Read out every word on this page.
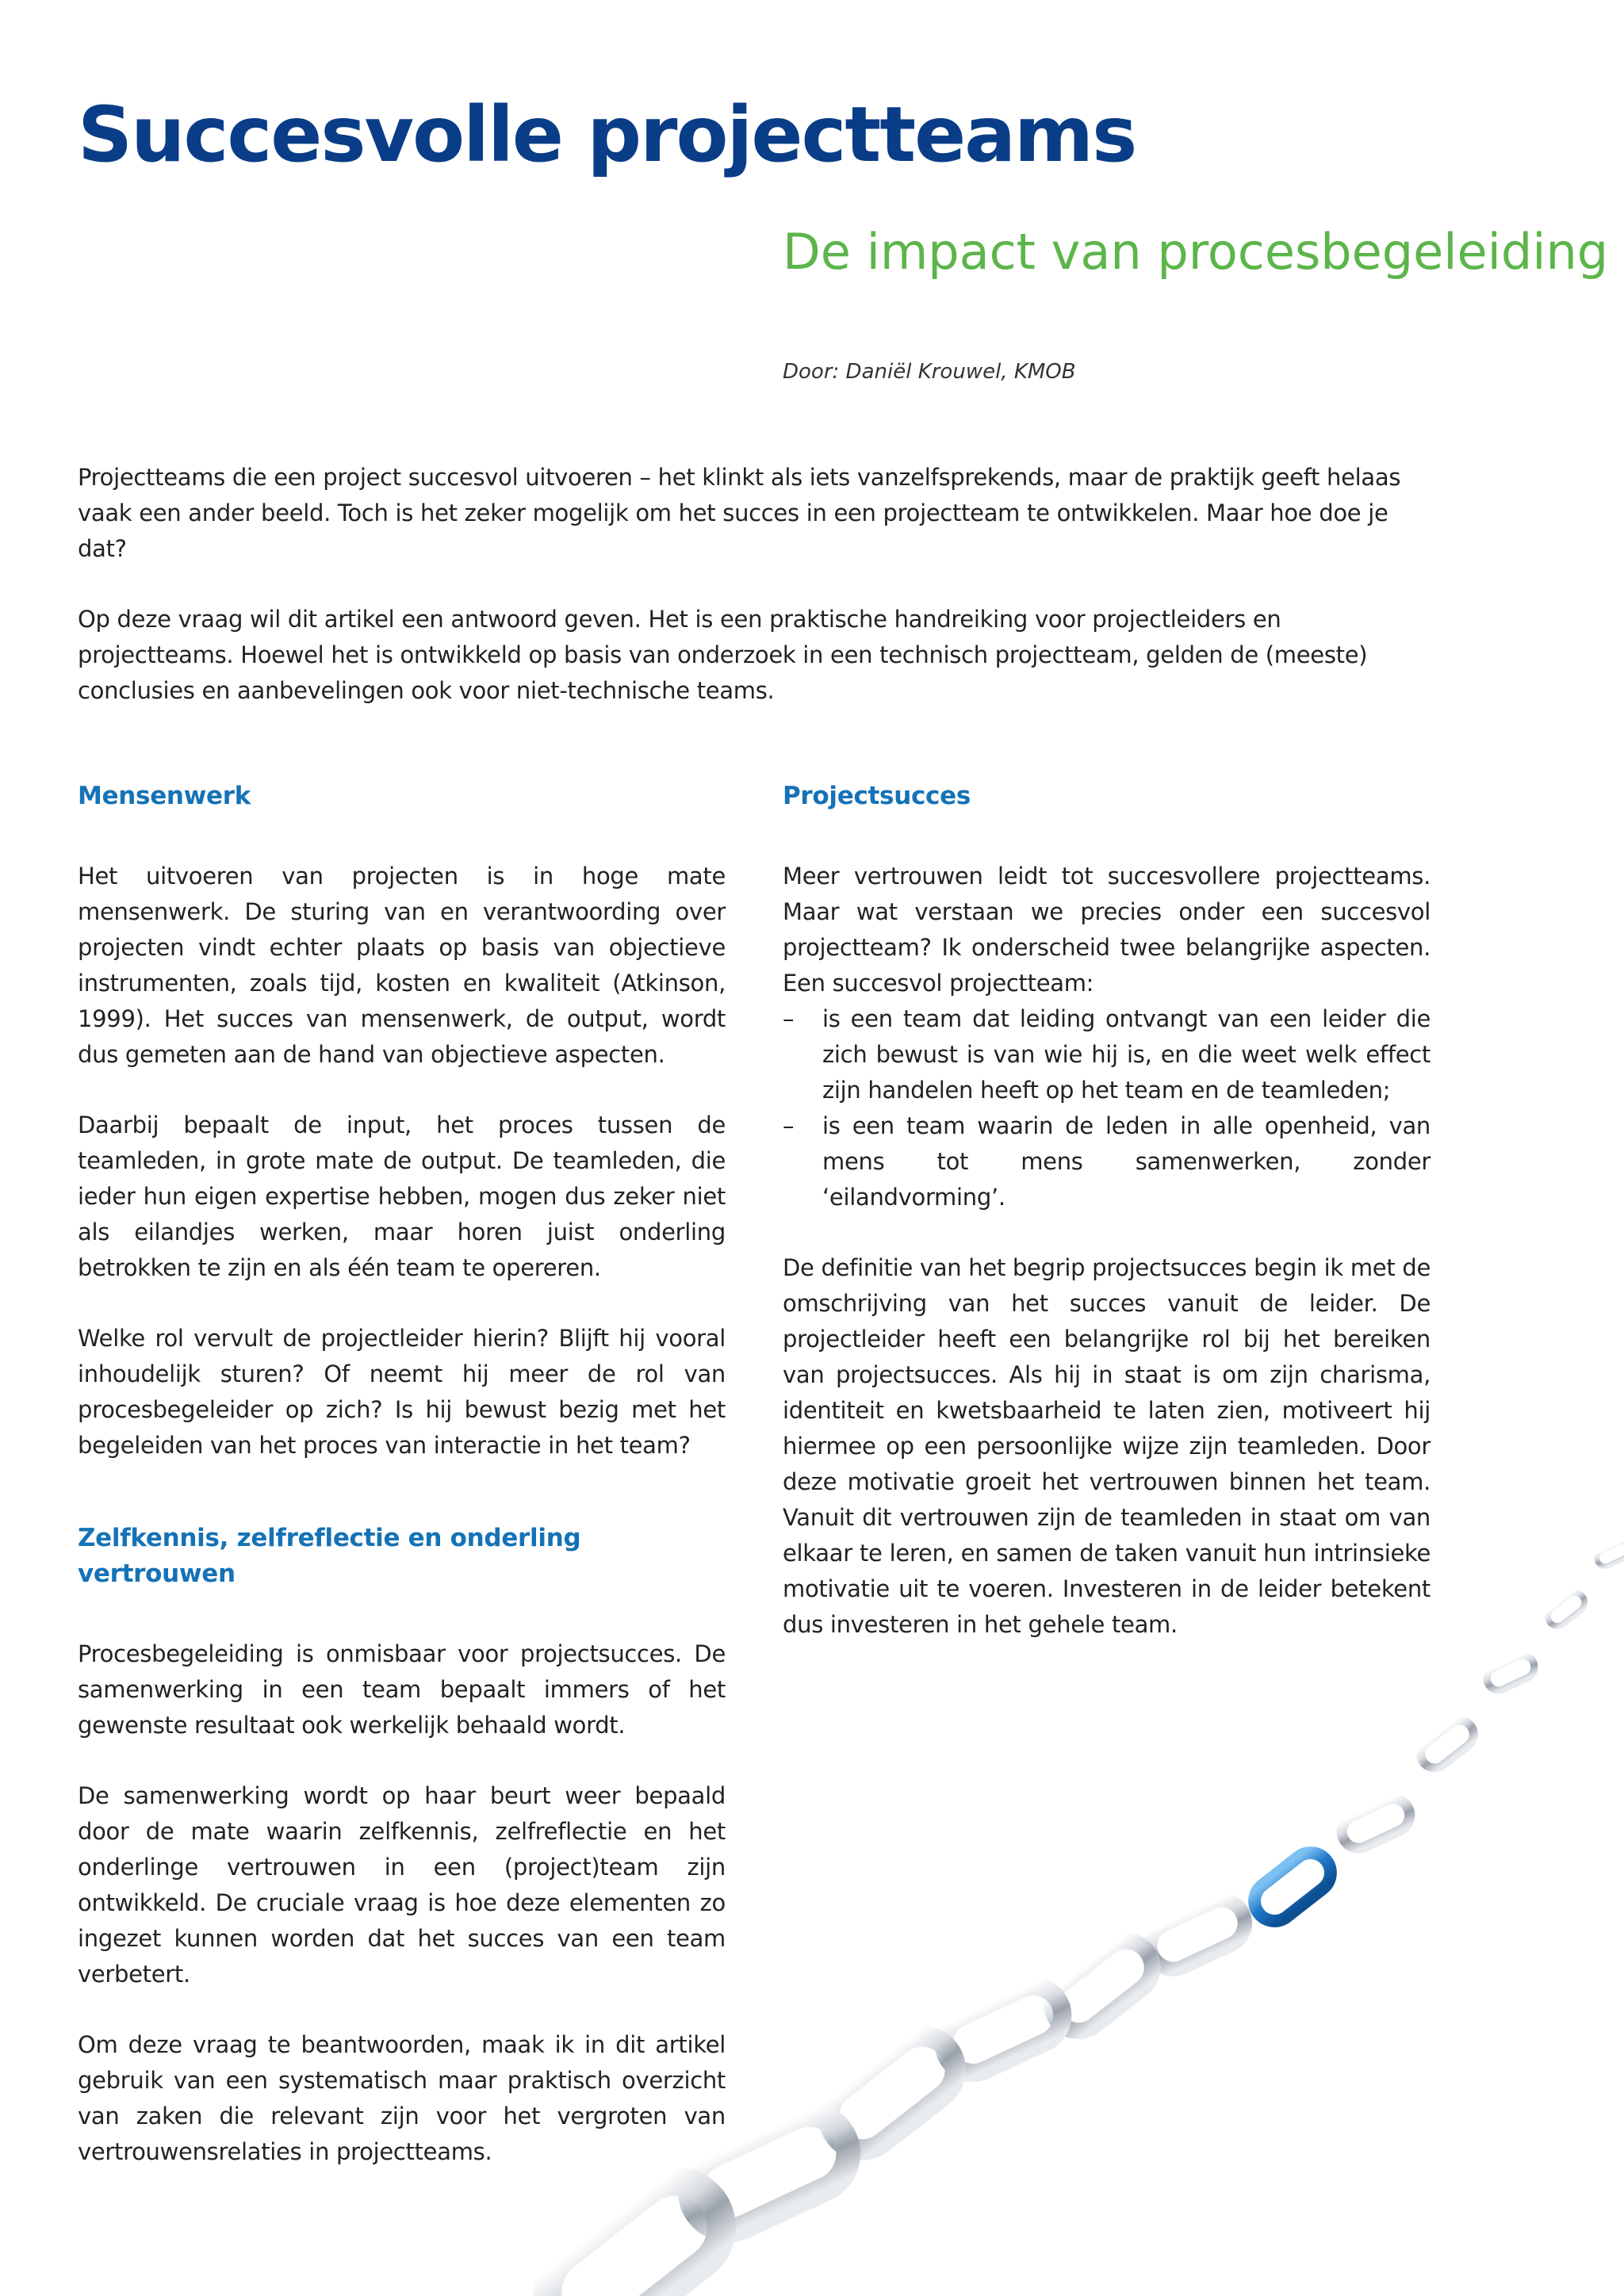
Succesvolle projectteams
De impact van procesbegeleiding
Door: Daniël Krouwel, KMOB

Projectteams die een project succesvol uitvoeren – het klinkt als iets vanzelfsprekends, maar de praktijk geeft helaas vaak een ander beeld. Toch is het zeker mogelijk om het succes in een projectteam te ontwikkelen. Maar hoe doe je dat?

Op deze vraag wil dit artikel een antwoord geven. Het is een praktische handreiking voor projectleiders en projectteams. Hoewel het is ontwikkeld op basis van onderzoek in een technisch projectteam, gelden de (meeste) conclusies en aanbevelingen ook voor niet-technische teams.

Mensenwerk

Het uitvoeren van projecten is in hoge mate mensenwerk. De sturing van en verantwoording over projecten vindt echter plaats op basis van objectieve instrumenten, zoals tijd, kosten en kwaliteit (Atkinson, 1999). Het succes van mensenwerk, de output, wordt dus gemeten aan de hand van objectieve aspecten.

Daarbij bepaalt de input, het proces tussen de teamleden, in grote mate de output. De teamleden, die ieder hun eigen expertise hebben, mogen dus zeker niet als eilandjes werken, maar horen juist onderling betrokken te zijn en als één team te opereren.

Welke rol vervult de projectleider hierin? Blijft hij vooral inhoudelijk sturen? Of neemt hij meer de rol van procesbegeleider op zich? Is hij bewust bezig met het begeleiden van het proces van interactie in het team?

Zelfkennis, zelfreflectie en onderling vertrouwen

Procesbegeleiding is onmisbaar voor projectsucces. De samenwerking in een team bepaalt immers of het gewenste resultaat ook werkelijk behaald wordt.

De samenwerking wordt op haar beurt weer bepaald door de mate waarin zelfkennis, zelfreflectie en het onderlinge vertrouwen in een (project)team zijn ontwikkeld. De cruciale vraag is hoe deze elementen zo ingezet kunnen worden dat het succes van een team verbetert.

Om deze vraag te beantwoorden, maak ik in dit artikel gebruik van een systematisch maar praktisch overzicht van zaken die relevant zijn voor het vergroten van vertrouwensrelaties in projectteams.

Projectsucces

Meer vertrouwen leidt tot succesvollere projectteams. Maar wat verstaan we precies onder een succesvol projectteam? Ik onderscheid twee belangrijke aspecten. Een succesvol projectteam:

– is een team dat leiding ontvangt van een leider die zich bewust is van wie hij is, en die weet welk effect zijn handelen heeft op het team en de teamleden;
– is een team waarin de leden in alle openheid, van mens tot mens samenwerken, zonder ‘eilandvorming’.

De definitie van het begrip projectsucces begin ik met de omschrijving van het succes vanuit de leider. De projectleider heeft een belangrijke rol bij het bereiken van projectsucces. Als hij in staat is om zijn charisma, identiteit en kwetsbaarheid te laten zien, motiveert hij hiermee op een persoonlijke wijze zijn teamleden. Door deze motivatie groeit het vertrouwen binnen het team. Vanuit dit vertrouwen zijn de teamleden in staat om van elkaar te leren, en samen de taken vanuit hun intrinsieke motivatie uit te voeren. Investeren in de leider betekent dus investeren in het gehele team.
